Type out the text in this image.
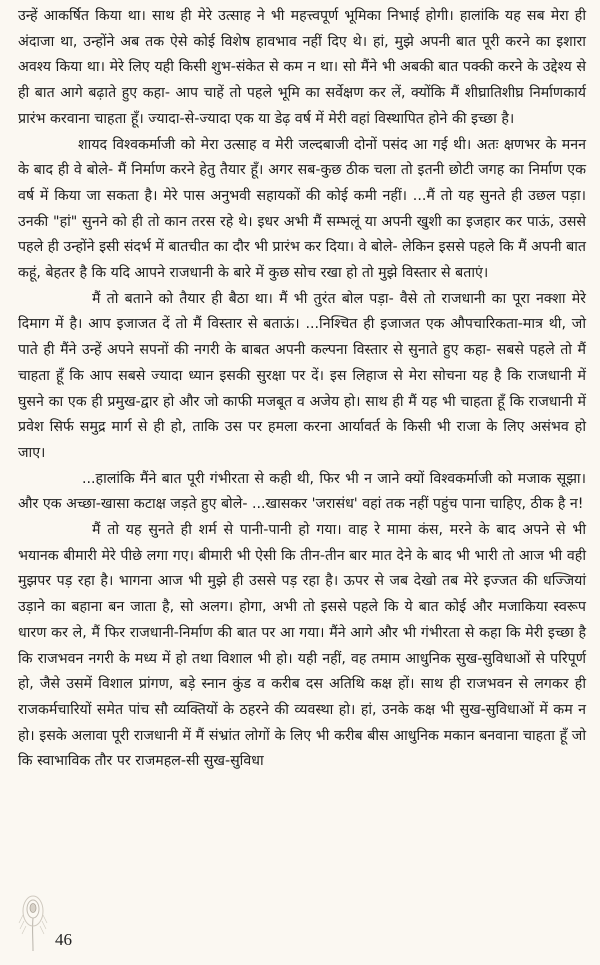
उन्हें आकर्षित किया था। साथ ही मेरे उत्साह ने भी महत्त्वपूर्ण भूमिका निभाई होगी। हालांकि यह सब मेरा ही अंदाजा था, उन्होंने अब तक ऐसे कोई विशेष हावभाव नहीं दिए थे। हां, मुझे अपनी बात पूरी करने का इशारा अवश्य किया था। मेरे लिए यही किसी शुभ-संकेत से कम न था। सो मैंने भी अबकी बात पक्की करने के उद्देश्य से ही बात आगे बढ़ाते हुए कहा- आप चाहें तो पहले भूमि का सर्वेक्षण कर लें, क्योंकि मैं शीघ्रातिशीघ्र निर्माणकार्य प्रारंभ करवाना चाहता हूँ। ज्यादा-से-ज्यादा एक या डेढ़ वर्ष में मेरी वहां विस्थापित होने की इच्छा है।

शायद विश्वकर्माजी को मेरा उत्साह व मेरी जल्दबाजी दोनों पसंद आ गई थी। अतः क्षणभर के मनन के बाद ही वे बोले- मैं निर्माण करने हेतु तैयार हूँ। अगर सब-कुछ ठीक चला तो इतनी छोटी जगह का निर्माण एक वर्ष में किया जा सकता है। मेरे पास अनुभवी सहायकों की कोई कमी नहीं। ...मैं तो यह सुनते ही उछल पड़ा। उनकी "हां" सुनने को ही तो कान तरस रहे थे। इधर अभी मैं सम्भलूं या अपनी खुशी का इजहार कर पाऊं, उससे पहले ही उन्होंने इसी संदर्भ में बातचीत का दौर भी प्रारंभ कर दिया। वे बोले- लेकिन इससे पहले कि मैं अपनी बात कहूं, बेहतर है कि यदि आपने राजधानी के बारे में कुछ सोच रखा हो तो मुझे विस्तार से बताएं।

मैं तो बताने को तैयार ही बैठा था। मैं भी तुरंत बोल पड़ा- वैसे तो राजधानी का पूरा नक्शा मेरे दिमाग में है। आप इजाजत दें तो मैं विस्तार से बताऊं। ...निश्चित ही इजाजत एक औपचारिकता-मात्र थी, जो पाते ही मैंने उन्हें अपने सपनों की नगरी के बाबत अपनी कल्पना विस्तार से सुनाते हुए कहा- सबसे पहले तो मैं चाहता हूँ कि आप सबसे ज्यादा ध्यान इसकी सुरक्षा पर दें। इस लिहाज से मेरा सोचना यह है कि राजधानी में घुसने का एक ही प्रमुख-द्वार हो और जो काफी मजबूत व अजेय हो। साथ ही मैं यह भी चाहता हूँ कि राजधानी में प्रवेश सिर्फ समुद्र मार्ग से ही हो, ताकि उस पर हमला करना आर्यावर्त के किसी भी राजा के लिए असंभव हो जाए।

...हालांकि मैंने बात पूरी गंभीरता से कही थी, फिर भी न जाने क्यों विश्वकर्माजी को मजाक सूझा। और एक अच्छा-खासा कटाक्ष जड़ते हुए बोले- ...खासकर 'जरासंध' वहां तक नहीं पहुंच पाना चाहिए, ठीक है न!

मैं तो यह सुनते ही शर्म से पानी-पानी हो गया। वाह रे मामा कंस, मरने के बाद अपने से भी भयानक बीमारी मेरे पीछे लगा गए। बीमारी भी ऐसी कि तीन-तीन बार मात देने के बाद भी भारी तो आज भी वही मुझपर पड़ रहा है। भागना आज भी मुझे ही उससे पड़ रहा है। ऊपर से जब देखो तब मेरे इज्जत की धज्जियां उड़ाने का बहाना बन जाता है, सो अलग। होगा, अभी तो इससे पहले कि ये बात कोई और मजाकिया स्वरूप धारण कर ले, मैं फिर राजधानी-निर्माण की बात पर आ गया। मैंने आगे और भी गंभीरता से कहा कि मेरी इच्छा है कि राजभवन नगरी के मध्य में हो तथा विशाल भी हो। यही नहीं, वह तमाम आधुनिक सुख-सुविधाओं से परिपूर्ण हो, जैसे उसमें विशाल प्रांगण, बड़े स्नान कुंड व करीब दस अतिथि कक्ष हों। साथ ही राजभवन से लगकर ही राजकर्मचारियों समेत पांच सौ व्यक्तियों के ठहरने की व्यवस्था हो। हां, उनके कक्ष भी सुख-सुविधाओं में कम न हो। इसके अलावा पूरी राजधानी में मैं संभ्रांत लोगों के लिए भी करीब बीस आधुनिक मकान बनवाना चाहता हूँ जो कि स्वाभाविक तौर पर राजमहल-सी सुख-सुविधा

46
